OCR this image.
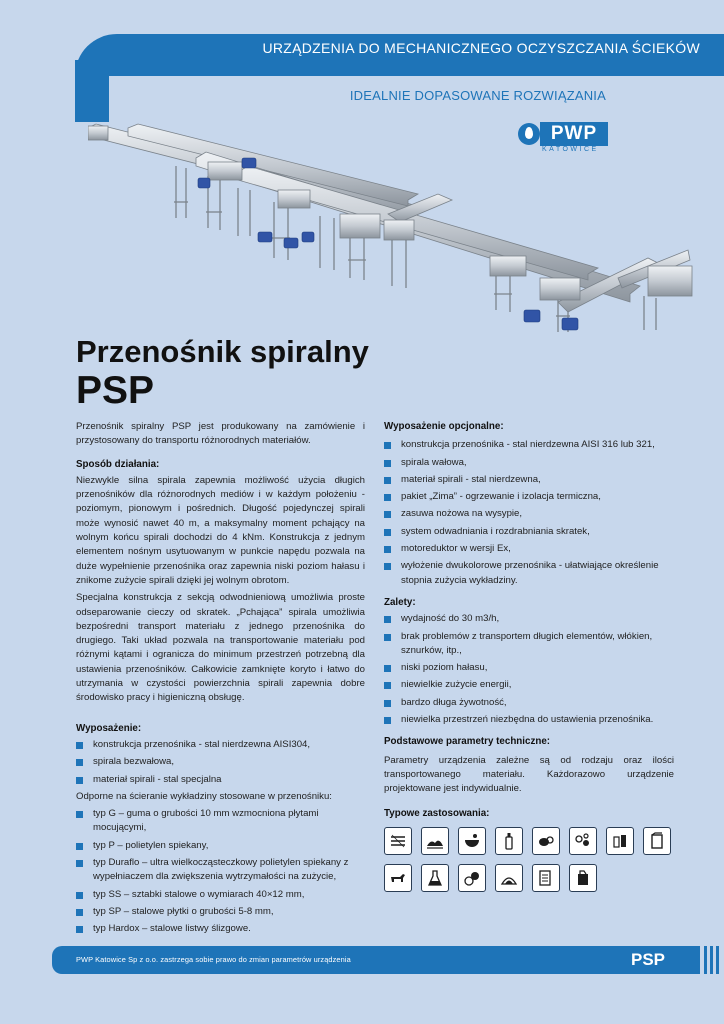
URZĄDZENIA DO MECHANICZNEGO OCZYSZCZANIA ŚCIEKÓW
IDEALNIE DOPASOWANE ROZWIĄZANIA
PWP
KATOWICE
Przenośnik spiralny
PSP

Przenośnik spiralny PSP jest produkowany na zamówienie i przystosowany do transportu różnorodnych materiałów.

Sposób działania:

Niezwykle silna spirala zapewnia możliwość użycia długich przenośników dla różnorodnych mediów i w każdym położeniu - poziomym, pionowym i pośrednich. Długość pojedynczej spirali może wynosić nawet 40 m, a maksymalny moment pchający na wolnym końcu spirali dochodzi do 4 kNm. Konstrukcja z jednym elementem nośnym usytuowanym w punkcie napędu pozwala na duże wypełnienie przenośnika oraz zapewnia niski poziom hałasu i znikome zużycie spirali dzięki jej wolnym obrotom.

Specjalna konstrukcja z sekcją odwodnieniową umożliwia proste odseparowanie cieczy od skratek. „Pchająca” spirala umożliwia bezpośredni transport materiału z jednego przenośnika do drugiego. Taki układ pozwala na transportowanie materiału pod różnymi kątami i ogranicza do minimum przestrzeń potrzebną dla ustawienia przenośników. Całkowicie zamknięte koryto i łatwo do utrzymania w czystości powierzchnia spirali zapewnia dobre środowisko pracy i higieniczną obsługę.

Wyposażenie:
konstrukcja przenośnika - stal nierdzewna AISI304,
spirala bezwałowa,
materiał spirali - stal specjalna

Odporne na ścieranie wykładziny stosowane w przenośniku:

typ G – guma o grubości 10 mm wzmocniona płytami mocującymi,
typ P – polietylen spiekany,
typ Duraflo – ultra wielkocząsteczkowy polietylen spiekany z wypełniaczem dla zwiększenia wytrzymałości na zużycie,
typ SS – sztabki stalowe o wymiarach 40×12 mm,
typ SP – stalowe płytki o grubości 5-8 mm,
typ Hardox – stalowe listwy ślizgowe.
Wyposażenie opcjonalne:
konstrukcja przenośnika - stal nierdzewna AISI 316 lub 321,
spirala wałowa,
materiał spirali - stal nierdzewna,
pakiet „Zima” - ogrzewanie i izolacja termiczna,
zasuwa nożowa na wysypie,
system odwadniania i rozdrabniania skratek,
motoreduktor w wersji Ex,
wyłożenie dwukolorowe przenośnika - ułatwiające określenie stopnia zużycia wykładziny.
Zalety:
wydajność do 30 m3/h,
brak problemów z transportem długich elementów, włókien, sznurków, itp.,
niski poziom hałasu,
niewielkie zużycie energii,
bardzo długa żywotność,
niewielka przestrzeń niezbędna do ustawienia przenośnika.
Podstawowe parametry techniczne:

Parametry urządzenia zależne są od rodzaju oraz ilości transportowanego materiału. Każdorazowo urządzenie projektowane jest indywidualnie.

Typowe zastosowania:
PWP Katowice Sp z o.o. zastrzega sobie prawo do zmian parametrów urządzenia	PSP
